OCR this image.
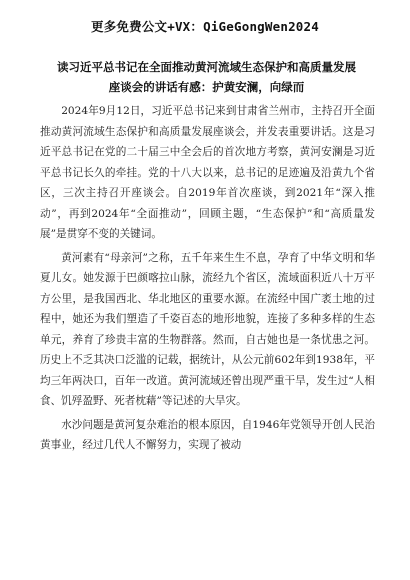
更多免费公文+VX：QiGeGongWen2024
读习近平总书记在全面推动黄河流域生态保护和高质量发展座谈会的讲话有感：护黄安澜，向绿而

2024年9月12日，习近平总书记来到甘肃省兰州市，主持召开全面推动黄河流域生态保护和高质量发展座谈会，并发表重要讲话。这是习近平总书记在党的二十届三中全会后的首次地方考察，黄河安澜是习近平总书记长久的牵挂。党的十八大以来，总书记的足迹遍及沿黄九个省区，三次主持召开座谈会。自2019年首次座谈，到2021年“深入推动”，再到2024年“全面推动”，回顾主题，“生态保护”和“高质量发展”是贯穿不变的关键词。

黄河素有“母亲河”之称，五千年来生生不息，孕育了中华文明和华夏儿女。她发源于巴颜喀拉山脉，流经九个省区，流域面积近八十万平方公里，是我国西北、华北地区的重要水源。在流经中国广袤土地的过程中，她还为我们塑造了千姿百态的地形地貌，连接了多种多样的生态单元，养育了珍贵丰富的生物群落。然而，自古她也是一条忧患之河。历史上不乏其决口泛滥的记载，据统计，从公元前602年到1938年，平均三年两决口，百年一改道。黄河流域还曾出现严重干旱，发生过“人相食、饥殍盈野、死者枕藉”等记述的大旱灾。

水沙问题是黄河复杂难治的根本原因，自1946年党领导开创人民治黄事业，经过几代人不懈努力，实现了被动
